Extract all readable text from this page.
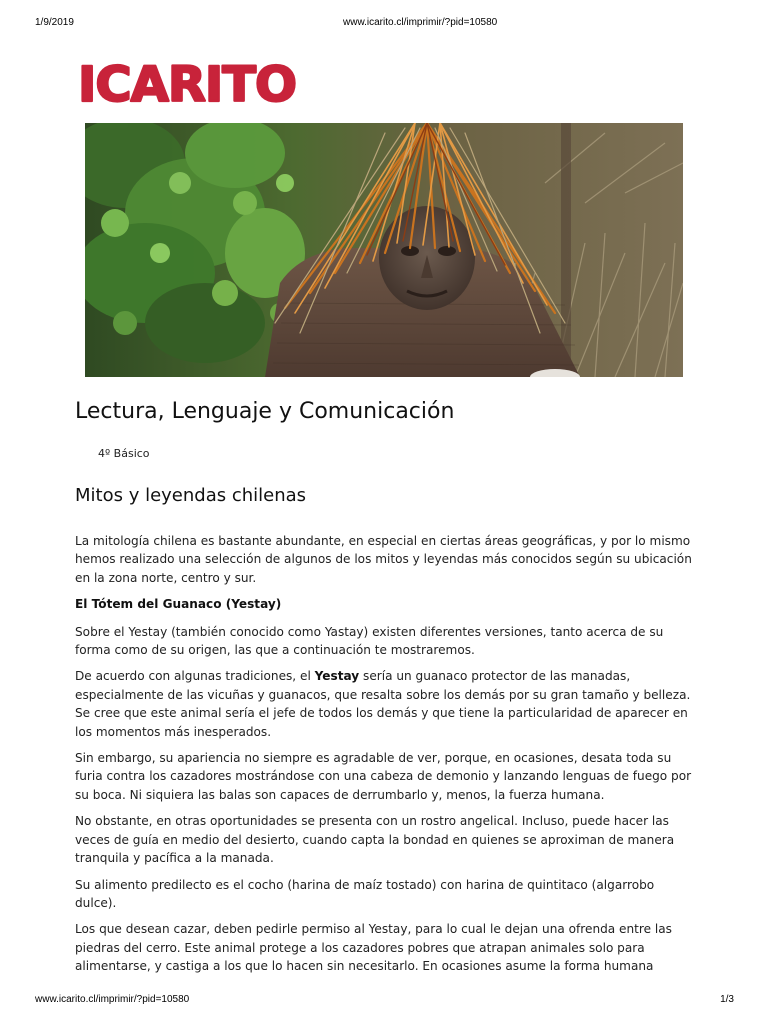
1/9/2019	www.icarito.cl/imprimir/?pid=10580
ICARITO
Lectura, Lenguaje y Comunicación
4º Básico
Mitos y leyendas chilenas

La mitología chilena es bastante abundante, en especial en ciertas áreas geográficas, y por lo mismo hemos realizado una selección de algunos de los mitos y leyendas más conocidos según su ubicación en la zona norte, centro y sur.

El Tótem del Guanaco (Yestay)

Sobre el Yestay (también conocido como Yastay) existen diferentes versiones, tanto acerca de su forma como de su origen, las que a continuación te mostraremos.

De acuerdo con algunas tradiciones, el Yestay sería un guanaco protector de las manadas, especialmente de las vicuñas y guanacos, que resalta sobre los demás por su gran tamaño y belleza. Se cree que este animal sería el jefe de todos los demás y que tiene la particularidad de aparecer en los momentos más inesperados.

Sin embargo, su apariencia no siempre es agradable de ver, porque, en ocasiones, desata toda su furia contra los cazadores mostrándose con una cabeza de demonio y lanzando lenguas de fuego por su boca. Ni siquiera las balas son capaces de derrumbarlo y, menos, la fuerza humana.

No obstante, en otras oportunidades se presenta con un rostro angelical. Incluso, puede hacer las veces de guía en medio del desierto, cuando capta la bondad en quienes se aproximan de manera tranquila y pacífica a la manada.

Su alimento predilecto es el cocho (harina de maíz tostado) con harina de quintitaco (algarrobo dulce).

Los que desean cazar, deben pedirle permiso al Yestay, para lo cual le dejan una ofrenda entre las piedras del cerro. Este animal protege a los cazadores pobres que atrapan animales solo para alimentarse, y castiga a los que lo hacen sin necesitarlo. En ocasiones asume la forma humana

www.icarito.cl/imprimir/?pid=10580	1/3
